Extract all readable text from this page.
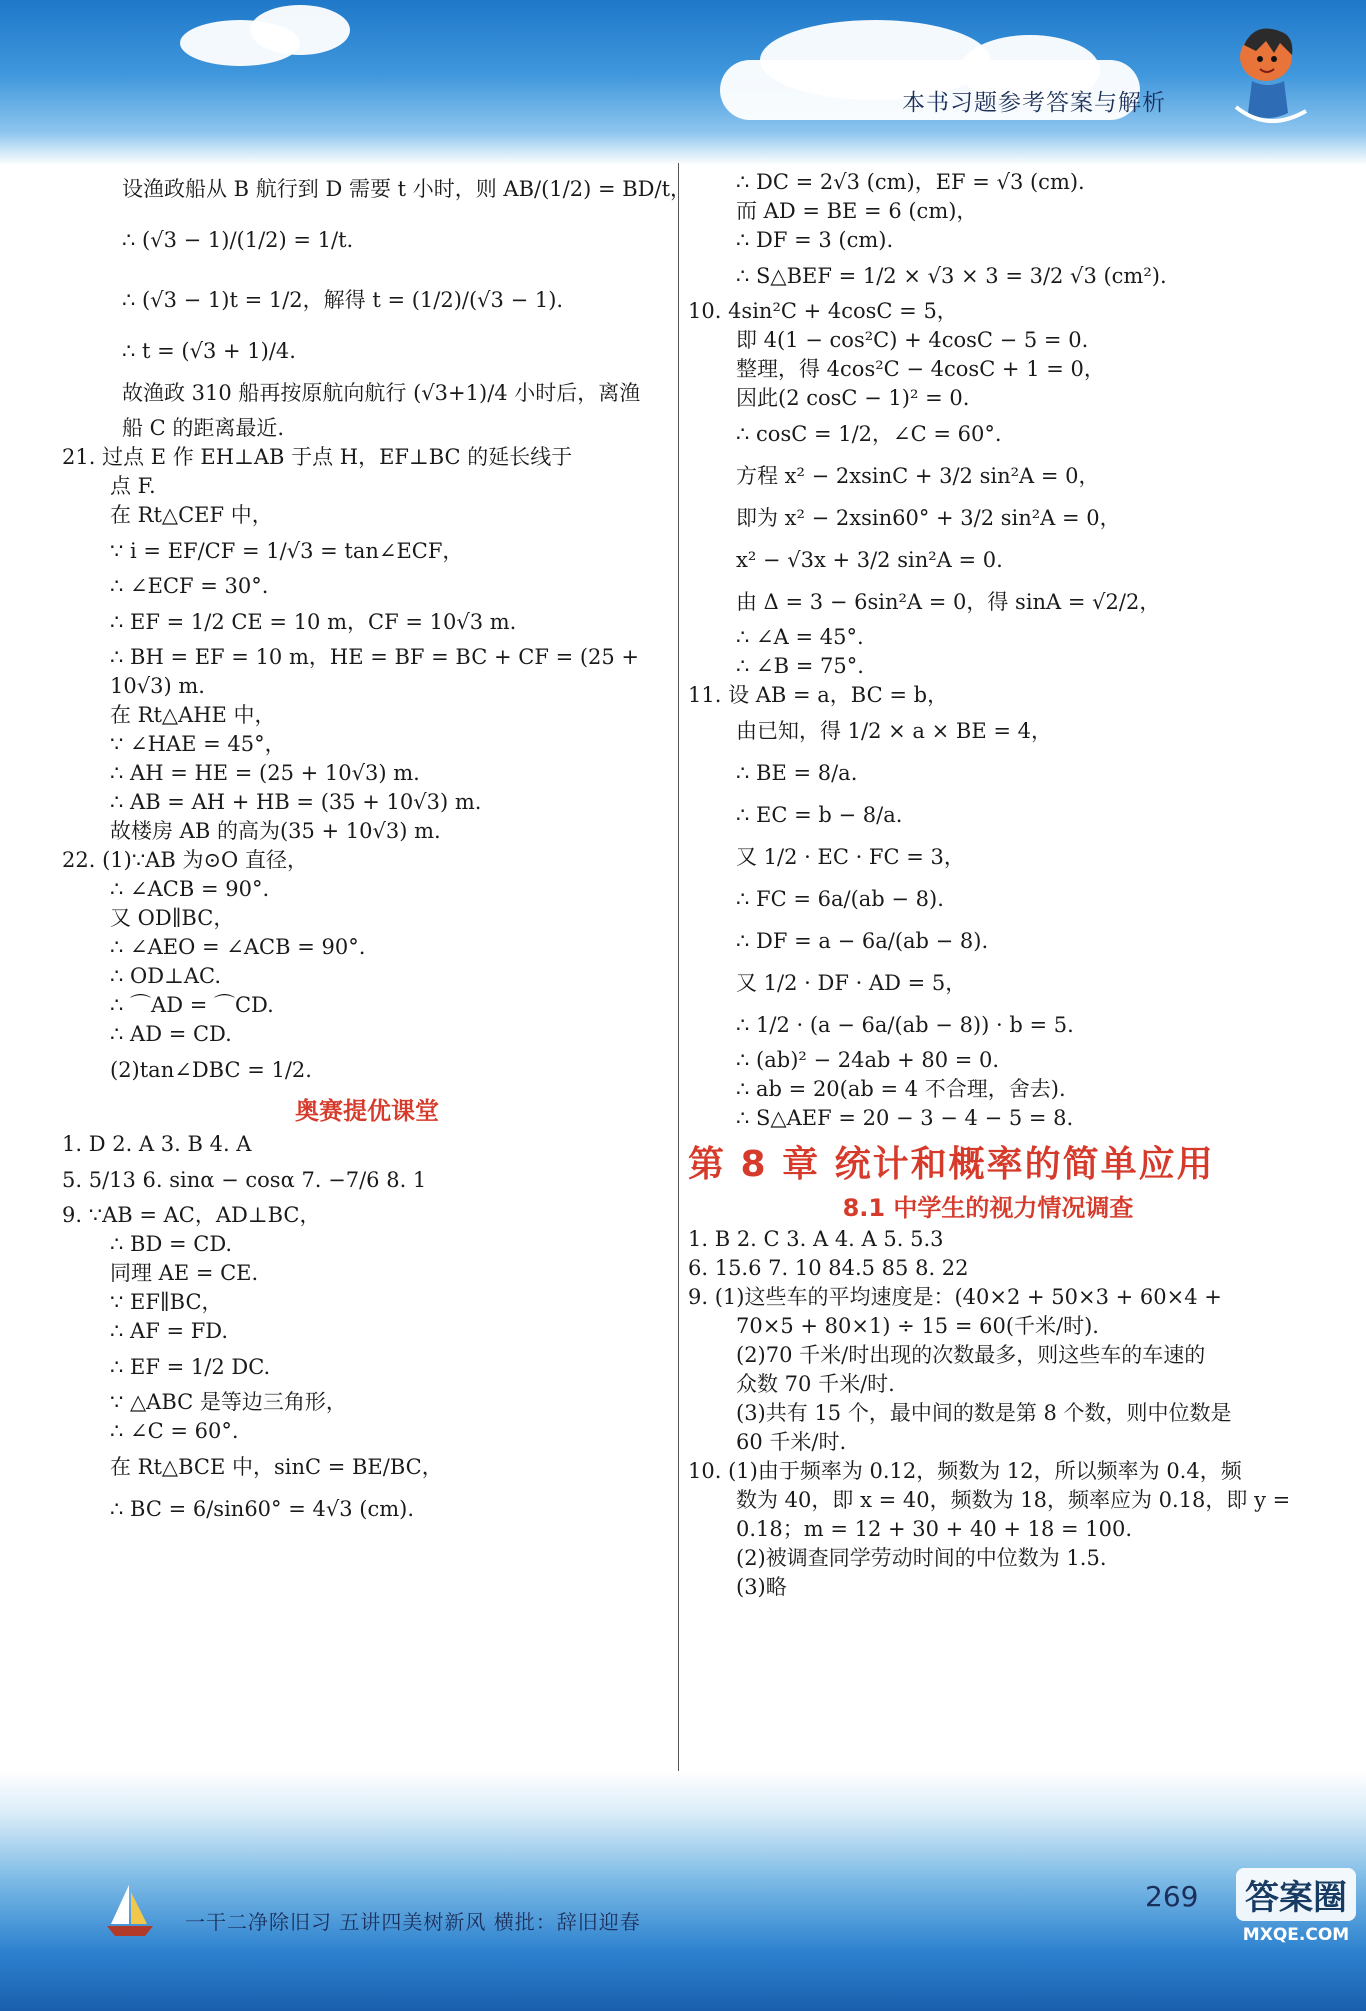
本书习题参考答案与解析
设渔政船从 B 航行到 D 需要 t 小时，则 AB/(1/2) = BD/t，
∴ (√3 − 1)/(1/2) = 1/t.
∴ (√3 − 1)t = 1/2，解得 t = (1/2)/(√3 − 1).
∴ t = (√3 + 1)/4.
故渔政 310 船再按原航向航行 (√3+1)/4 小时后，离渔
船 C 的距离最近.
21. 过点 E 作 EH⊥AB 于点 H，EF⊥BC 的延长线于
点 F.
在 Rt△CEF 中，
∵ i = EF/CF = 1/√3 = tan∠ECF，
∴ ∠ECF = 30°.
∴ EF = 1/2 CE = 10 m，CF = 10√3 m.
∴ BH = EF = 10 m，HE = BF = BC + CF = (25 +
10√3) m.
在 Rt△AHE 中，
∵ ∠HAE = 45°，
∴ AH = HE = (25 + 10√3) m.
∴ AB = AH + HB = (35 + 10√3) m.
故楼房 AB 的高为(35 + 10√3) m.
22. (1)∵AB 为⊙O 直径，
∴ ∠ACB = 90°.
又 OD∥BC，
∴ ∠AEO = ∠ACB = 90°.
∴ OD⊥AC.
∴ ⌒AD = ⌒CD.
∴ AD = CD.
(2)tan∠DBC = 1/2.
奥赛提优课堂
1. D 2. A 3. B 4. A
5. 5/13 6. sinα − cosα 7. −7/6 8. 1
9. ∵AB = AC，AD⊥BC，
∴ BD = CD.
同理 AE = CE.
∵ EF∥BC，
∴ AF = FD.
∴ EF = 1/2 DC.
∵ △ABC 是等边三角形，
∴ ∠C = 60°.
在 Rt△BCE 中，sinC = BE/BC，
∴ BC = 6/sin60° = 4√3 (cm).
∴ DC = 2√3 (cm)，EF = √3 (cm).
而 AD = BE = 6 (cm)，
∴ DF = 3 (cm).
∴ S△BEF = 1/2 × √3 × 3 = 3/2 √3 (cm²).
10. 4sin²C + 4cosC = 5，
即 4(1 − cos²C) + 4cosC − 5 = 0.
整理，得 4cos²C − 4cosC + 1 = 0，
因此(2 cosC − 1)² = 0.
∴ cosC = 1/2，∠C = 60°.
方程 x² − 2xsinC + 3/2 sin²A = 0，
即为 x² − 2xsin60° + 3/2 sin²A = 0，
x² − √3x + 3/2 sin²A = 0.
由 Δ = 3 − 6sin²A = 0，得 sinA = √2/2，
∴ ∠A = 45°.
∴ ∠B = 75°.
11. 设 AB = a，BC = b，
由已知，得 1/2 × a × BE = 4，
∴ BE = 8/a.
∴ EC = b − 8/a.
又 1/2 · EC · FC = 3，
∴ FC = 6a/(ab − 8).
∴ DF = a − 6a/(ab − 8).
又 1/2 · DF · AD = 5，
∴ 1/2 · (a − 6a/(ab − 8)) · b = 5.
∴ (ab)² − 24ab + 80 = 0.
∴ ab = 20(ab = 4 不合理，舍去).
∴ S△AEF = 20 − 3 − 4 − 5 = 8.
第 8 章 统计和概率的简单应用
8.1 中学生的视力情况调查
1. B 2. C 3. A 4. A 5. 5.3
6. 15.6 7. 10 84.5 85 8. 22
9. (1)这些车的平均速度是：(40×2 + 50×3 + 60×4 +
70×5 + 80×1) ÷ 15 = 60(千米/时).
(2)70 千米/时出现的次数最多，则这些车的车速的
众数 70 千米/时.
(3)共有 15 个，最中间的数是第 8 个数，则中位数是
60 千米/时.
10. (1)由于频率为 0.12，频数为 12，所以频率为 0.4，频
数为 40，即 x = 40，频数为 18，频率应为 0.18，即 y =
0.18；m = 12 + 30 + 40 + 18 = 100.
(2)被调查同学劳动时间的中位数为 1.5.
(3)略
一干二净除旧习 五讲四美树新风 横批：辞旧迎春
269 答案圈
MXQE.COM
